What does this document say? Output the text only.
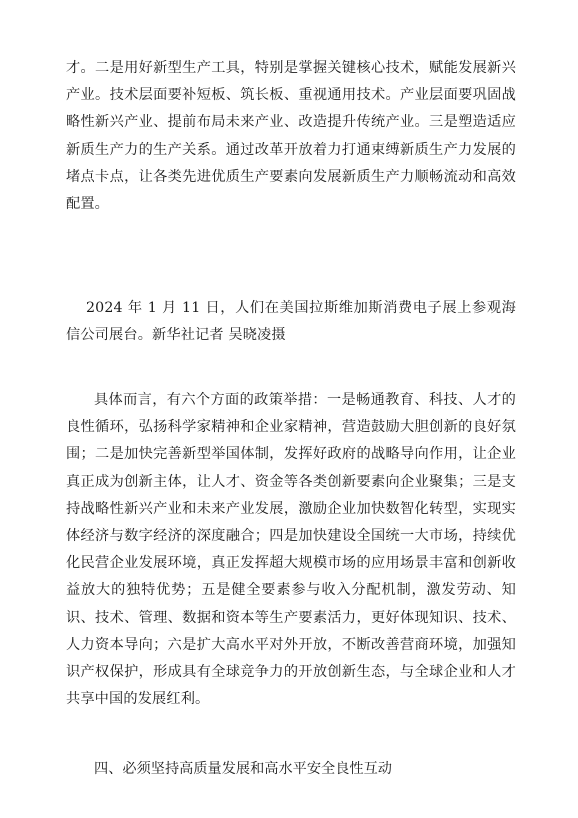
才。二是用好新型生产工具，特别是掌握关键核心技术，赋能发展新兴产业。技术层面要补短板、筑长板、重视通用技术。产业层面要巩固战略性新兴产业、提前布局未来产业、改造提升传统产业。三是塑造适应新质生产力的生产关系。通过改革开放着力打通束缚新质生产力发展的堵点卡点，让各类先进优质生产要素向发展新质生产力顺畅流动和高效配置。

2024 年 1 月 11 日，人们在美国拉斯维加斯消费电子展上参观海信公司展台。新华社记者 吴晓凌摄

具体而言，有六个方面的政策举措：一是畅通教育、科技、人才的良性循环，弘扬科学家精神和企业家精神，营造鼓励大胆创新的良好氛围；二是加快完善新型举国体制，发挥好政府的战略导向作用，让企业真正成为创新主体，让人才、资金等各类创新要素向企业聚集；三是支持战略性新兴产业和未来产业发展，激励企业加快数智化转型，实现实体经济与数字经济的深度融合；四是加快建设全国统一大市场，持续优化民营企业发展环境，真正发挥超大规模市场的应用场景丰富和创新收益放大的独特优势；五是健全要素参与收入分配机制，激发劳动、知识、技术、管理、数据和资本等生产要素活力，更好体现知识、技术、人力资本导向；六是扩大高水平对外开放，不断改善营商环境，加强知识产权保护，形成具有全球竞争力的开放创新生态，与全球企业和人才共享中国的发展红利。

四、必须坚持高质量发展和高水平安全良性互动
